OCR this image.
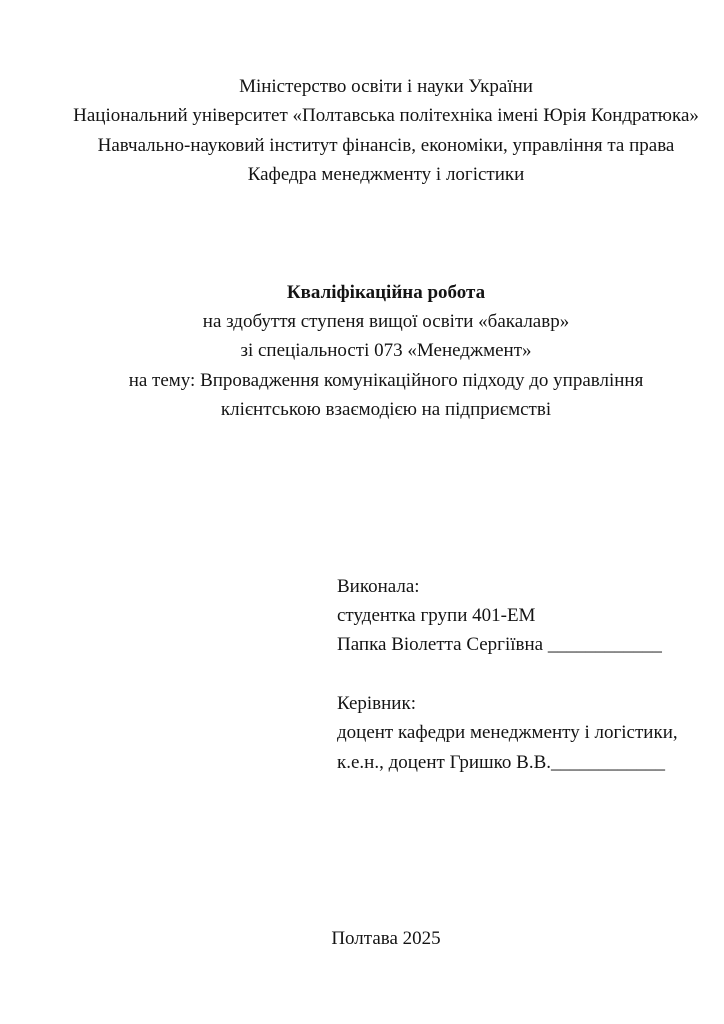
Міністерство освіти і науки України
Національний університет «Полтавська політехніка імені Юрія Кондратюка»
Навчально-науковий інститут фінансів, економіки, управління та права
Кафедра менеджменту і логістики
Кваліфікаційна робота
на здобуття ступеня вищої освіти «бакалавр»
зі спеціальності 073 «Менеджмент»
на тему: Впровадження комунікаційного підходу до управління
клієнтською взаємодією на підприємстві
Виконала:
студентка групи 401-ЕМ
Папка Віолетта Сергіївна ____________
Керівник:
доцент кафедри менеджменту і логістики,
к.е.н., доцент Гришко В.В.____________
Полтава 2025
